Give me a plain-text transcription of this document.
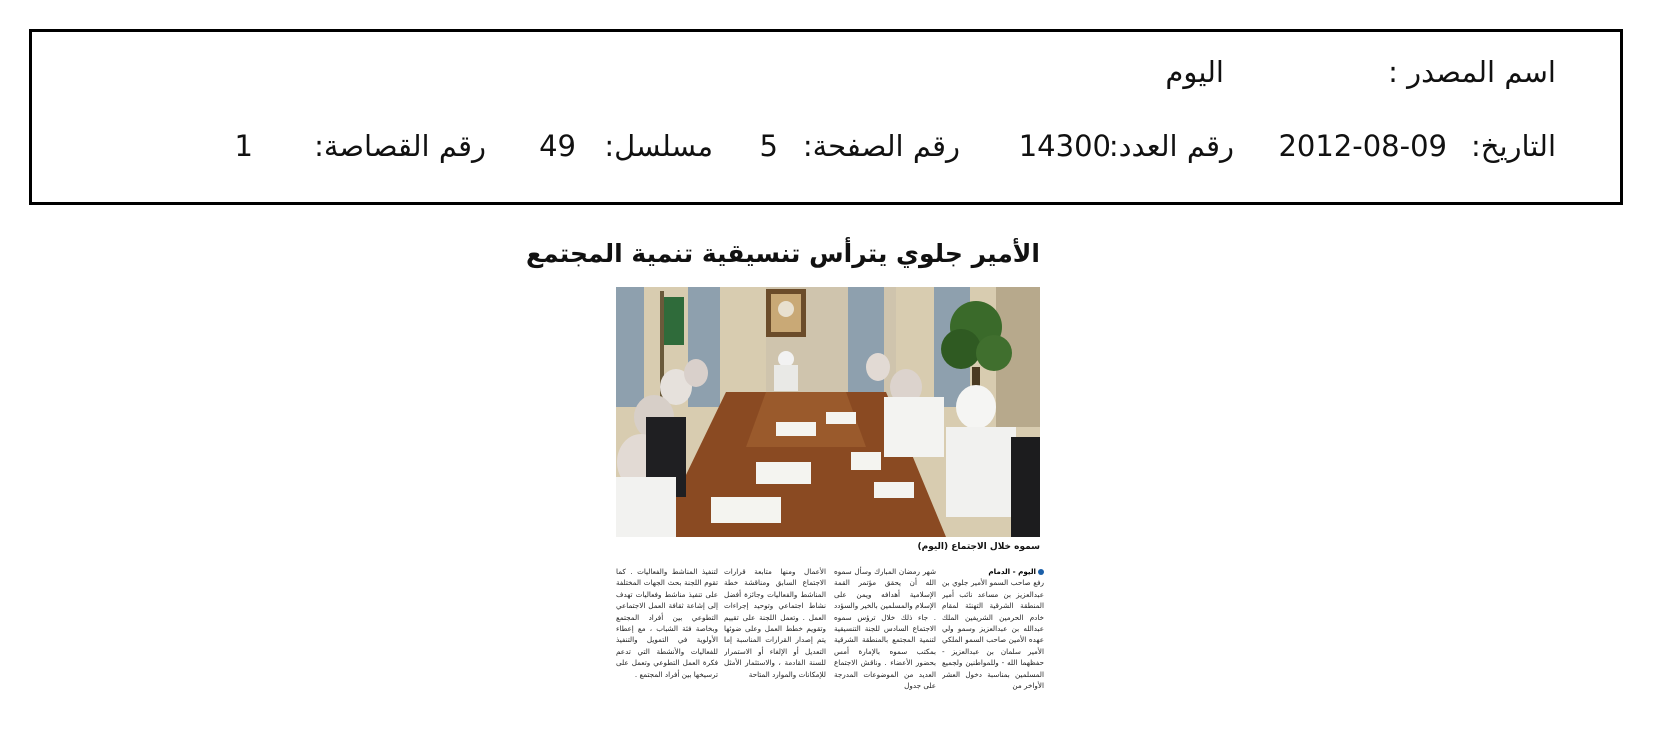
اسم المصدر :
اليوم
التاريخ:
2012-08-09
رقم العدد:
14300
رقم الصفحة:
5
مسلسل:
49
رقم القصاصة:
1
الأمير جلوي يترأس تنسيقية تنمية المجتمع
سموه خلال الاجتماع (اليوم)
اليوم - الدمام
رفع صاحب السمو الأمير جلوي بن عبدالعزيز بن مساعد نائب أمير المنطقة الشرقية التهنئة لمقام خادم الحرمين الشريفين الملك عبدالله بن عبدالعزيز وسمو ولي عهده الأمين صاحب السمو الملكي الأمير سلمان بن عبدالعزيز - حفظهما الله - وللمواطنين ولجميع المسلمين بمناسبة دخول العشر الأواخر من
شهر رمضان المبارك وسأل سموه الله أن يحقق مؤتمر القمة الإسلامية أهدافه ويمن على الإسلام والمسلمين بالخير والسؤدد . جاء ذلك خلال ترؤس سموه الاجتماع السادس للجنة التنسيقية لتنمية المجتمع بالمنطقة الشرقية بمكتب سموه بالإمارة أمس بحضور الأعضاء . وناقش الاجتماع العديد من الموضوعات المدرجة على جدول
الأعمال ومنها متابعة قرارات الاجتماع السابق ومناقشة خطة المناشط والفعاليات وجائزة أفضل نشاط اجتماعي وتوحيد إجراءات العمل . وتعمل اللجنة على تقييم وتقويم خطط العمل وعلى ضوئها يتم إصدار القرارات المناسبة إما التعديل أو الإلغاء أو الاستمرار للسنة القادمة ، والاستثمار الأمثل للإمكانات والموارد المتاحة
لتنفيذ المناشط والفعاليات . كما تقوم اللجنة بحث الجهات المختلفة على تنفيذ مناشط وفعاليات تهدف إلى إشاعة ثقافة العمل الاجتماعي التطوعي بين أفراد المجتمع وبخاصة فئة الشباب ، مع إعطاء الأولوية في التمويل والتنفيذ للفعاليات والأنشطة التي تدعم فكرة العمل التطوعي وتعمل على ترسيخها بين أفراد المجتمع .
